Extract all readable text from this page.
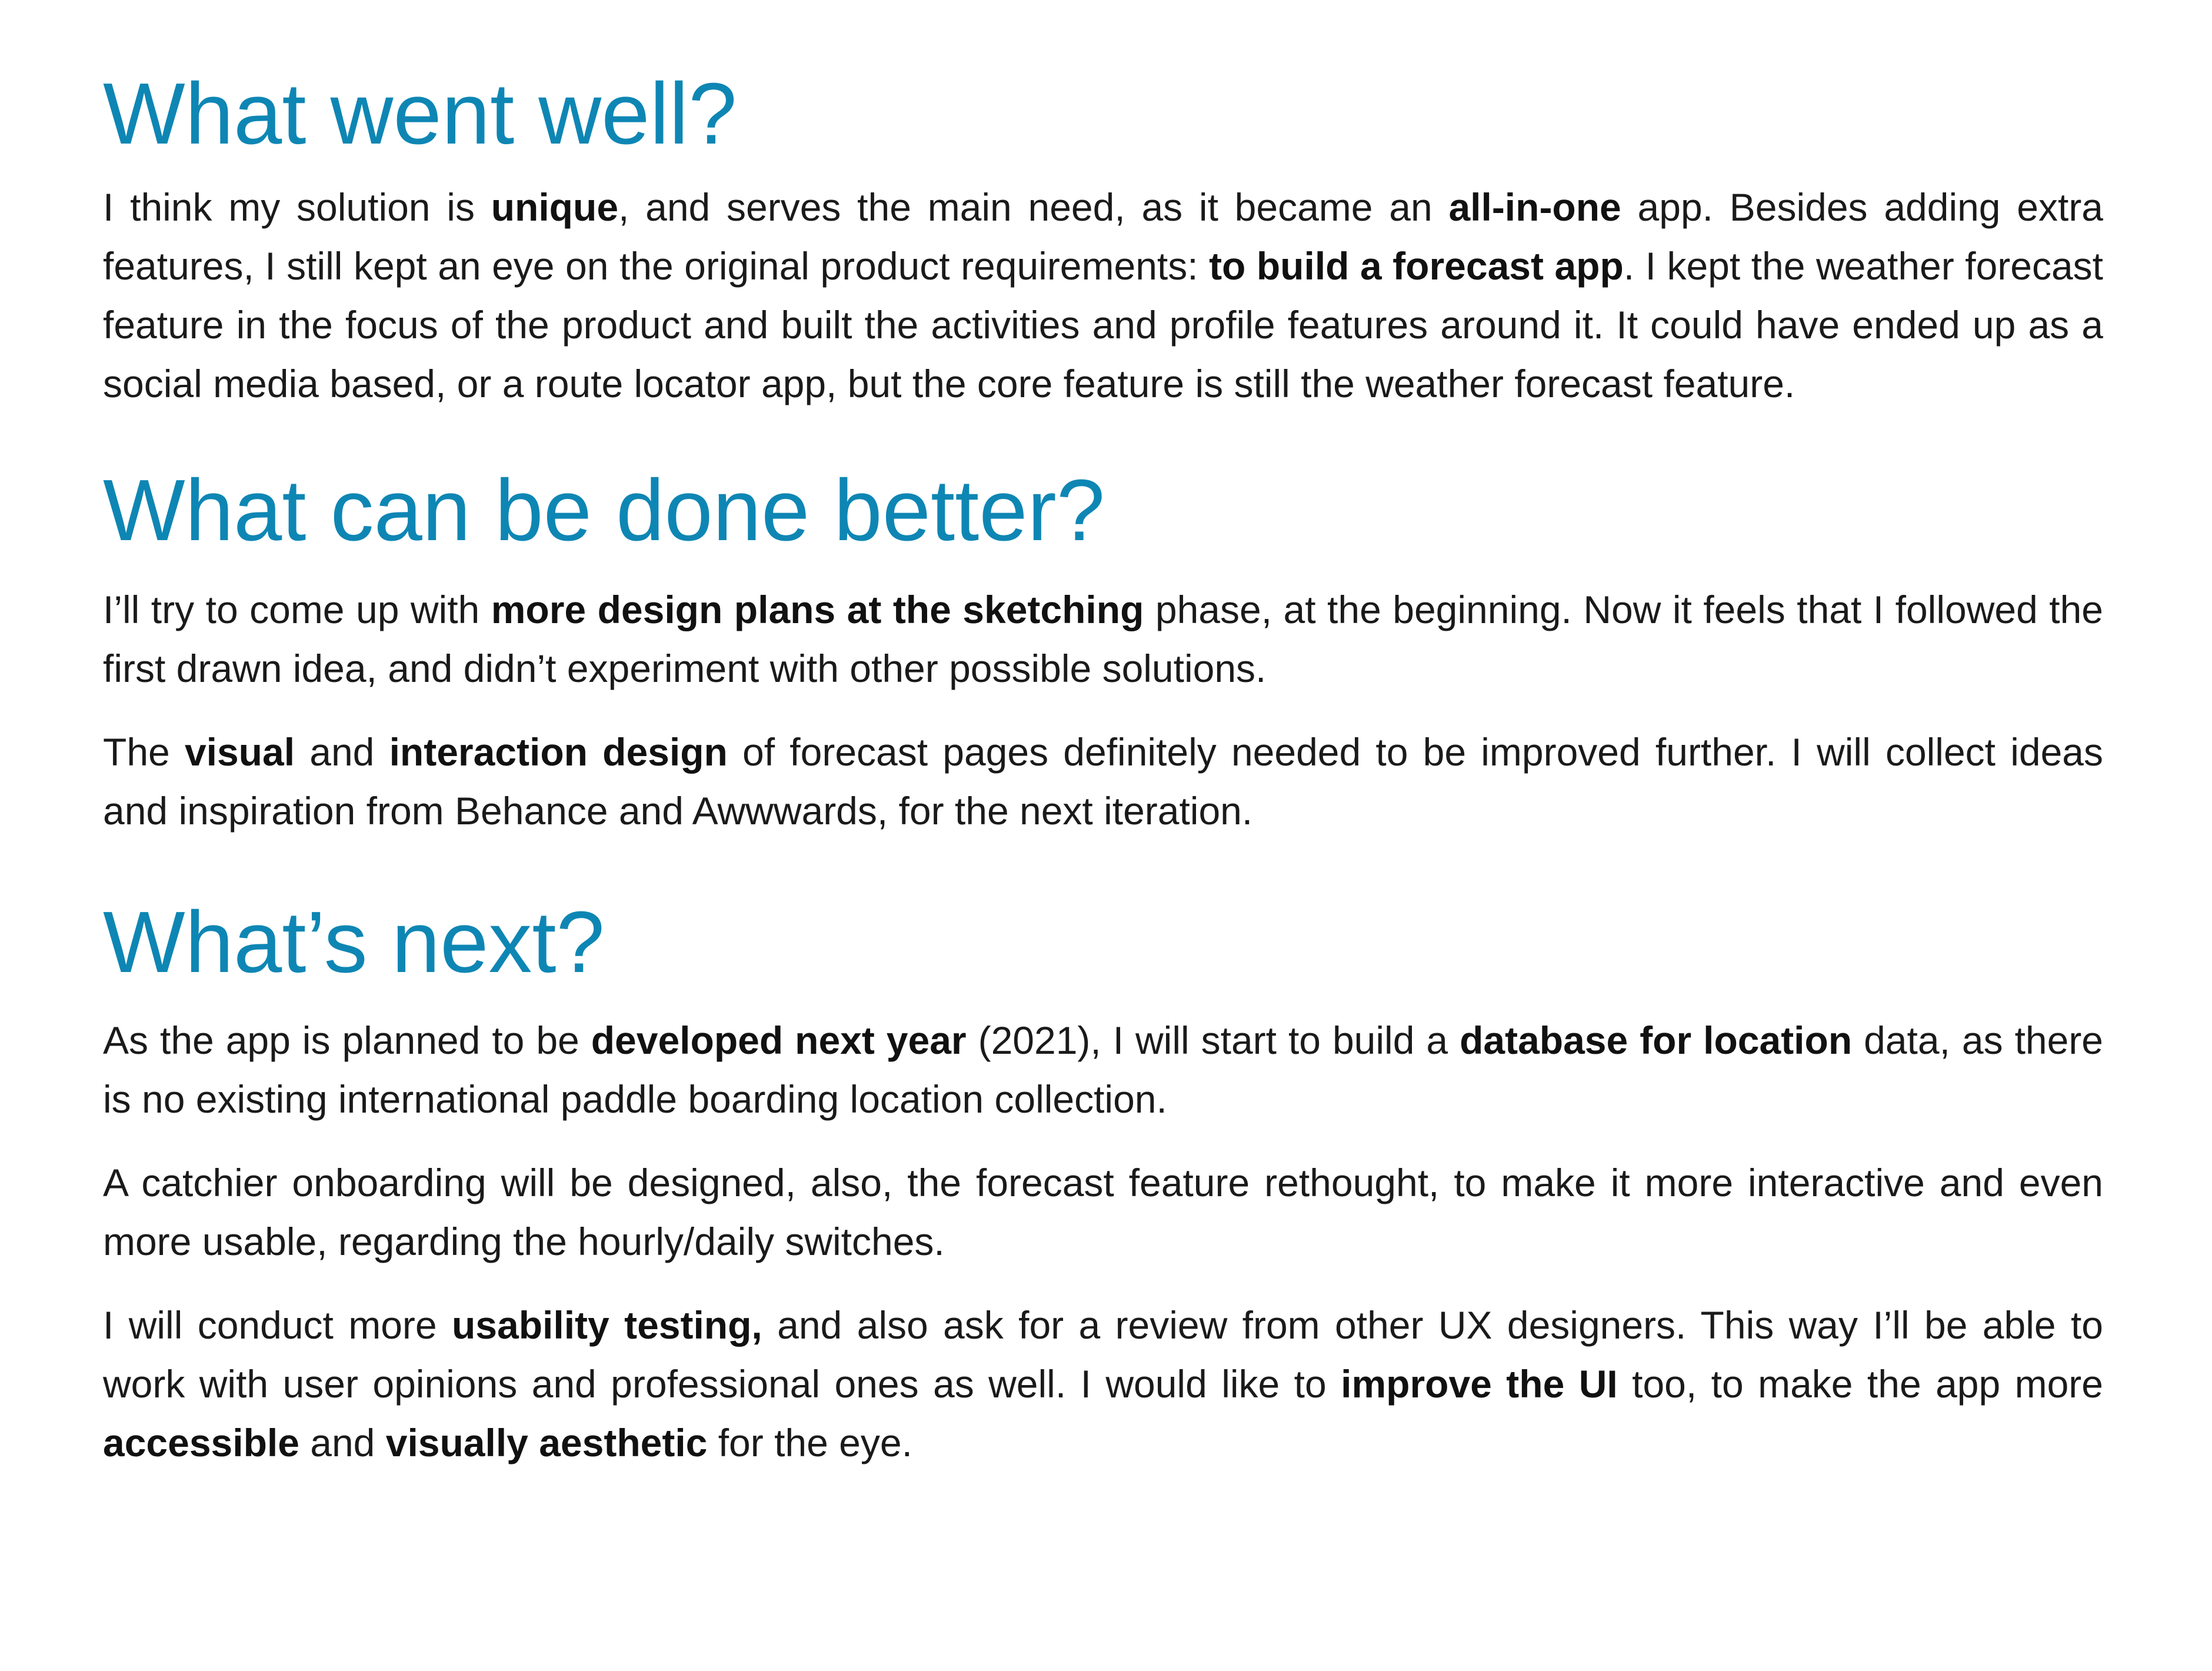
What went well?

I think my solution is unique, and serves the main need, as it became an all-in-one app. Besides adding extra features, I still kept an eye on the original product requirements: to build a forecast app. I kept the weather forecast feature in the focus of the product and built the activities and profile features around it. It could have ended up as a social media based, or a route locator app, but the core feature is still the weather forecast feature.

What can be done better?

I’ll try to come up with more design plans at the sketching phase, at the beginning. Now it feels that I followed the first drawn idea, and didn’t experiment with other possible solutions.

The visual and interaction design of forecast pages definitely needed to be improved further. I will collect ideas and inspiration from Behance and Awwwards, for the next iteration.

What’s next?

As the app is planned to be developed next year (2021), I will start to build a database for location data, as there is no existing international paddle boarding location collection.

A catchier onboarding will be designed, also, the forecast feature rethought, to make it more interactive and even more usable, regarding the hourly/daily switches.

I will conduct more usability testing, and also ask for a review from other UX designers. This way I’ll be able to work with user opinions and professional ones as well. I would like to improve the UI too, to make the app more accessible and visually aesthetic for the eye.
